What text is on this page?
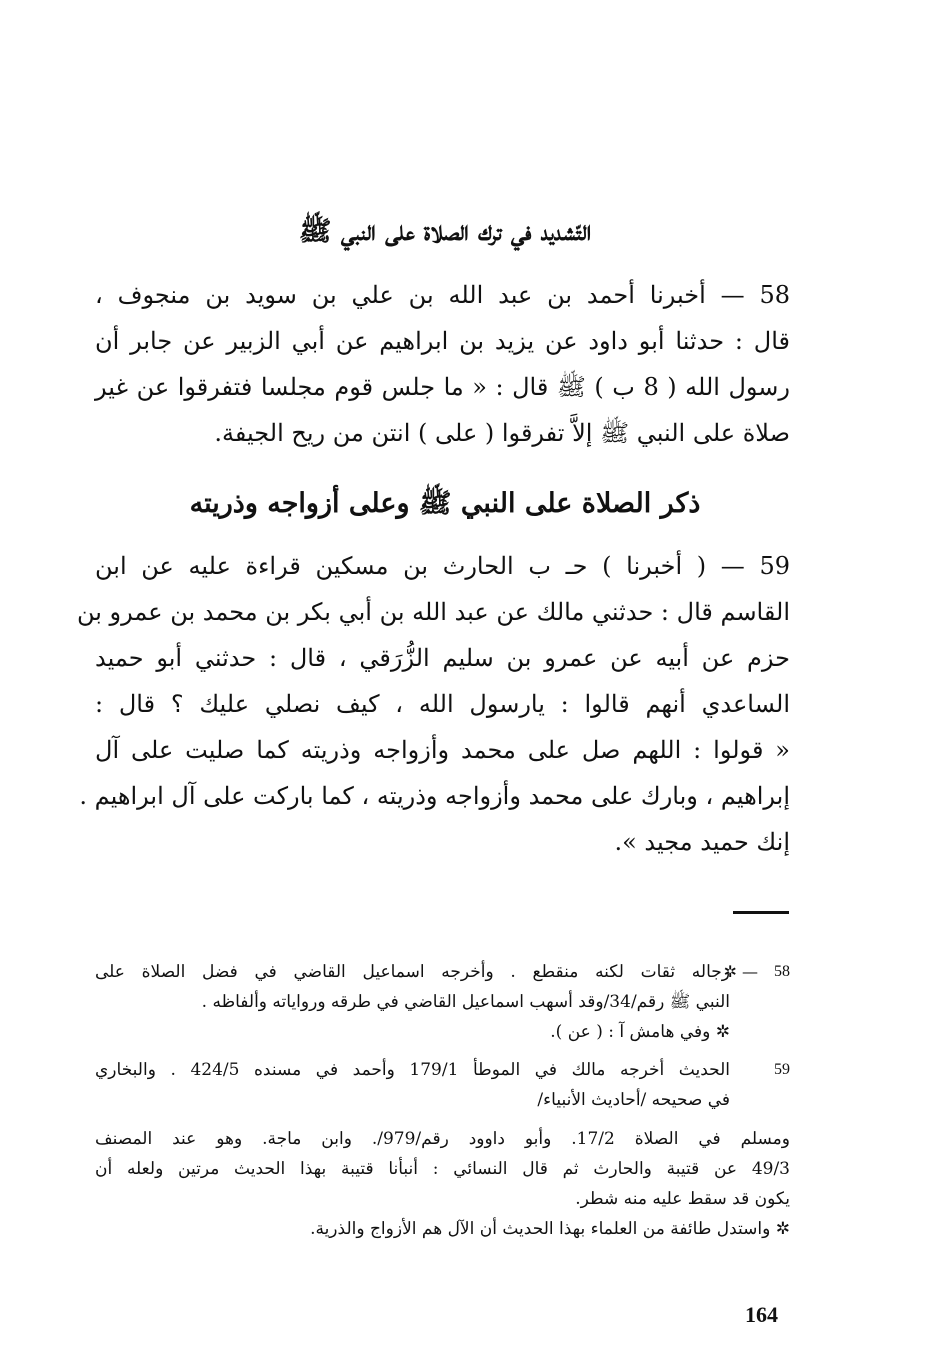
التّشديد في ترك الصلاة على النبي ﷺ
58 — أخبرنا أحمد بن عبد الله بن علي بن سويد بن منجوف ،
قال : حدثنا أبو داود عن يزيد بن ابراهيم عن أبي الزبير عن جابر أن
رسول الله ( 8 ب ) ﷺ قال : « ما جلس قوم مجلسا فتفرقوا عن غير
صلاة على النبي ﷺ إلاَّ تفرقوا ( على ) انتن من ريح الجيفة.
ذكر الصلاة على النبي ﷺ وعلى أزواجه وذريته
59 — ( أخبرنا ) حـ ب الحارث بن مسكين قراءة عليه عن ابن
القاسم قال : حدثني مالك عن عبد الله بن أبي بكر بن محمد بن عمرو بن
حزم عن أبيه عن عمرو بن سليم الزُّرَقي ، قال : حدثني أبو حميد
الساعدي أنهم قالوا : يارسول الله ، كيف نصلي عليك ؟ قال :
« قولوا : اللهم صل على محمد وأزواجه وذريته كما صليت على آل
إبراهيم ، وبارك على محمد وأزواجه وذريته ، كما باركت على آل ابراهيم .
إنك حميد مجيد ».
58
— ✲
رجاله ثقات لكنه منقطع . وأخرجه اسماعيل القاضي في فضل الصلاة على
النبي ﷺ رقم/34/وقد أسهب اسماعيل القاضي في طرقه ورواياته وألفاظه .
✲ وفي هامش آ : ( عن ).
59
الحديث أخرجه مالك في الموطأ 179/1 وأحمد في مسنده 424/5 . والبخاري
في صحيحه /أحاديث الأنبياء/
ومسلم في الصلاة 17/2. وأبو داوود رقم/979/. وابن ماجة. وهو عند المصنف
49/3 عن قتيبة والحارث ثم قال النسائي : أنبأنا قتيبة بهذا الحديث مرتين ولعله أن
يكون قد سقط عليه منه شطر.
✲ واستدل طائفة من العلماء بهذا الحديث أن الآل هم الأزواج والذرية.
164
